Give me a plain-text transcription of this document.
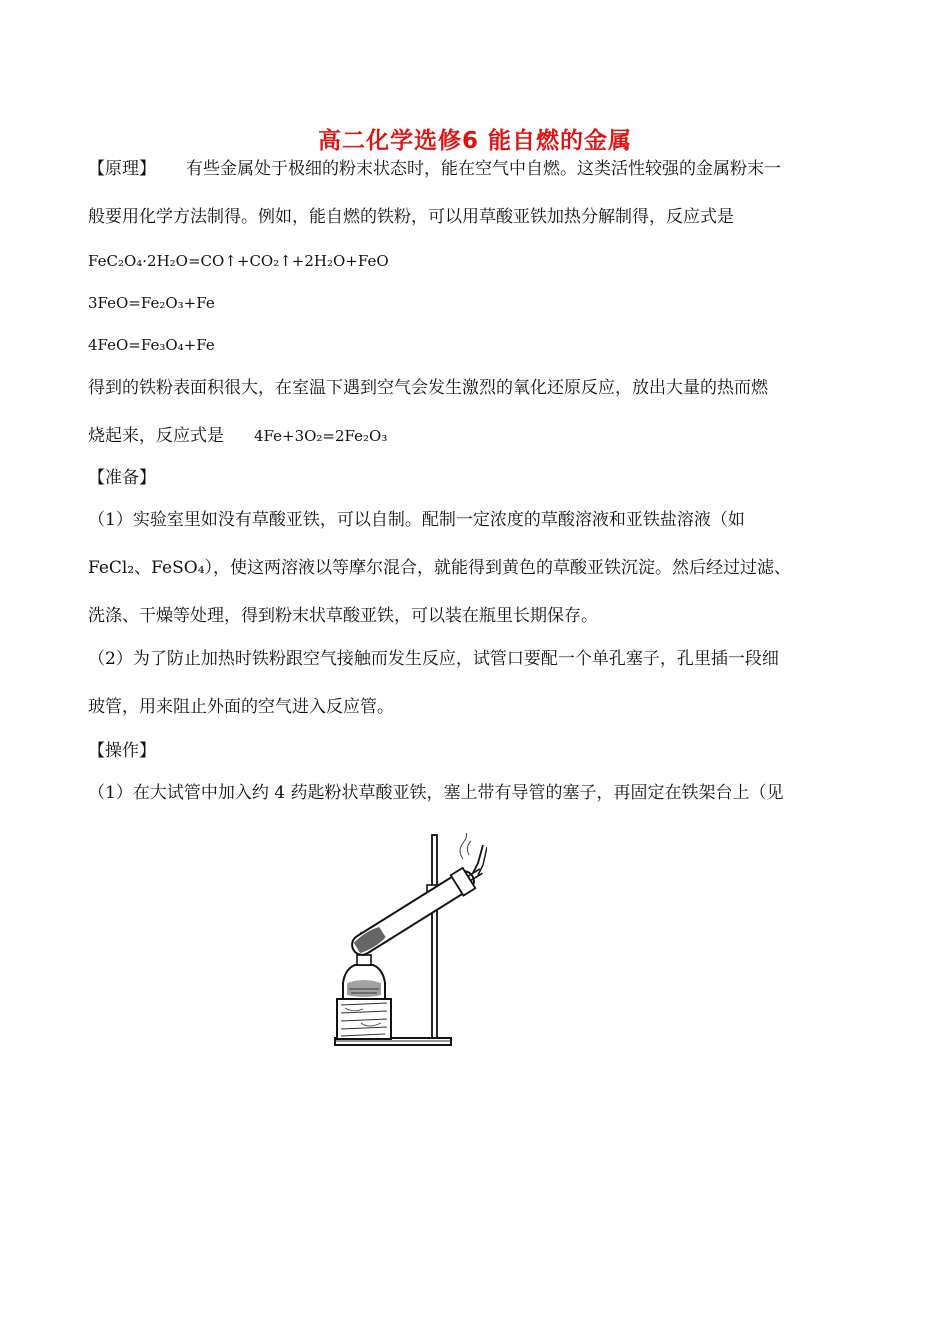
高二化学选修6 能自燃的金属
【原理】 有些金属处于极细的粉末状态时，能在空气中自燃。这类活性较强的金属粉末一
般要用化学方法制得。例如，能自燃的铁粉，可以用草酸亚铁加热分解制得，反应式是
FeC₂O₄·2H₂O=CO↑+CO₂↑+2H₂O+FeO
3FeO=Fe₂O₃+Fe
4FeO=Fe₃O₄+Fe
得到的铁粉表面积很大，在室温下遇到空气会发生激烈的氧化还原反应，放出大量的热而燃
烧起来，反应式是 4Fe+3O₂=2Fe₂O₃
【准备】
（1）实验室里如没有草酸亚铁，可以自制。配制一定浓度的草酸溶液和亚铁盐溶液（如
FeCl₂、FeSO₄），使这两溶液以等摩尔混合，就能得到黄色的草酸亚铁沉淀。然后经过过滤、
洗涤、干燥等处理，得到粉末状草酸亚铁，可以装在瓶里长期保存。
（2）为了防止加热时铁粉跟空气接触而发生反应，试管口要配一个单孔塞子，孔里插一段细
玻管，用来阻止外面的空气进入反应管。
【操作】
（1）在大试管中加入约 4 药匙粉状草酸亚铁，塞上带有导管的塞子，再固定在铁架台上（见
